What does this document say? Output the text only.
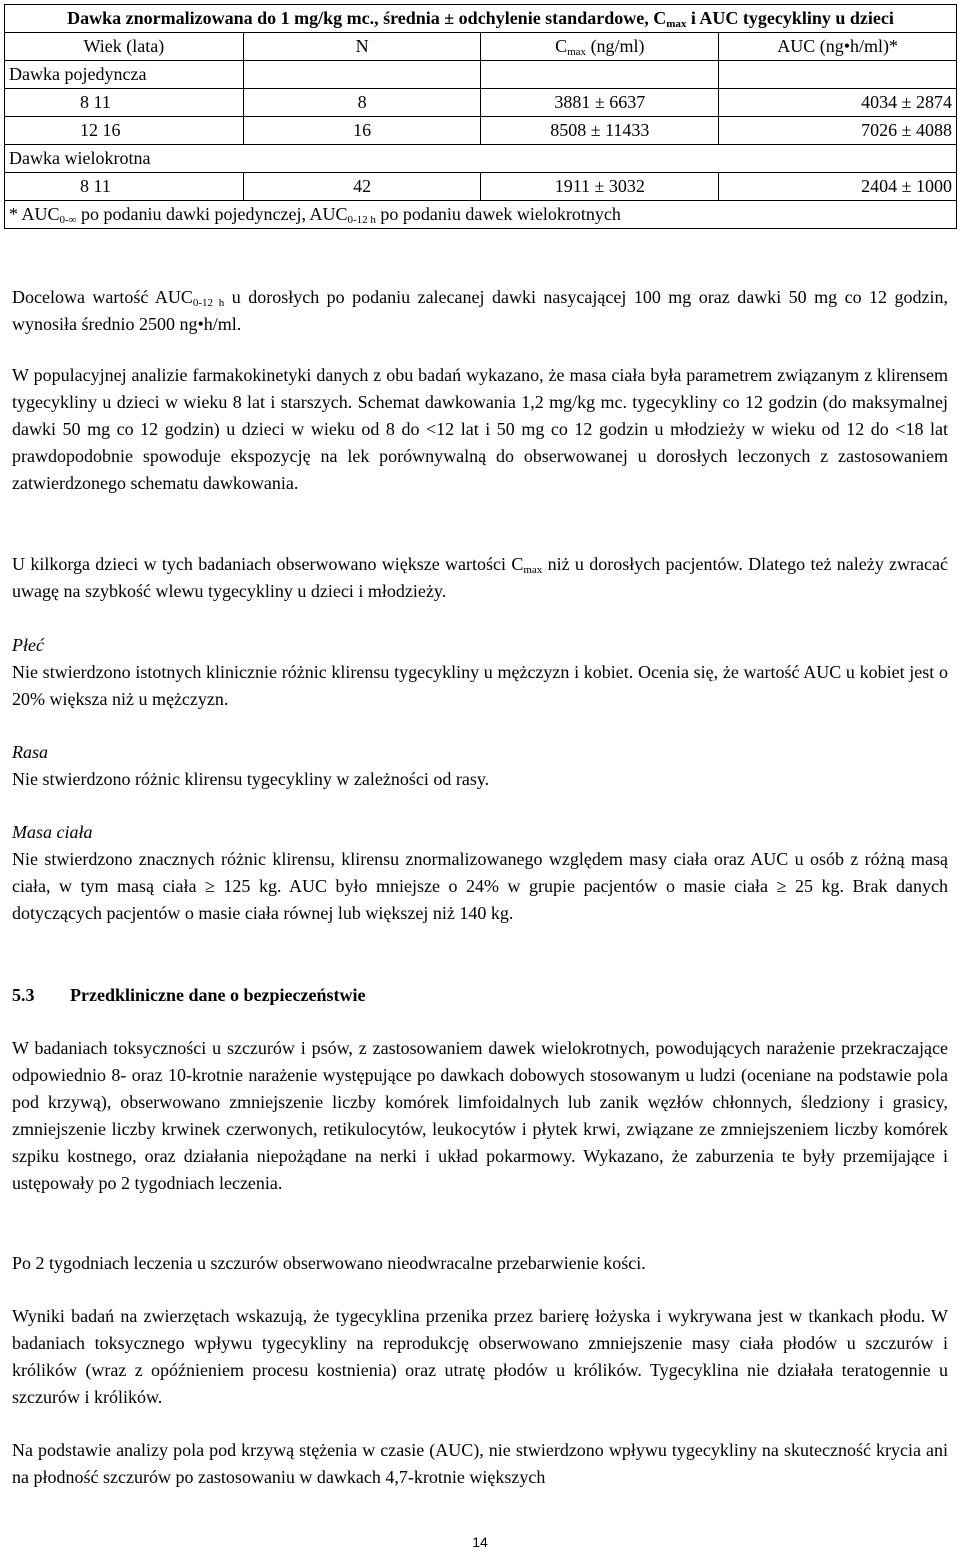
Dawka znormalizowana do 1 mg/kg mc., średnia ± odchylenie standardowe, $C_{max}$ i AUC tygecykliny u dzieci			
Wiek (lata)	N	$C_{max}$ (ng/ml)	AUC (ng•h/ml)*
Dawka pojedyncza			
8 11	8	3881 ± 6637	4034 ± 2874
12 16	16	8508 ± 11433	7026 ± 4088
Dawka wielokrotna			
8 11	42	1911 ± 3032	2404 ± 1000
* $AUC_{0-\infty}$ po podaniu dawki pojedynczej, $AUC_{0-12 h}$ po podaniu dawek wielokrotnych			

Docelowa wartość $AUC_{0-12 h}$ u dorosłych po podaniu zalecanej dawki nasycającej 100 mg oraz dawki 50 mg co 12 godzin, wynosiła średnio 2500 ng•h/ml.

W populacyjnej analizie farmakokinetyki danych z obu badań wykazano, że masa ciała była parametrem związanym z klirensem tygecykliny u dzieci w wieku 8 lat i starszych. Schemat dawkowania 1,2 mg/kg mc. tygecykliny co 12 godzin (do maksymalnej dawki 50 mg co 12 godzin) u dzieci w wieku od 8 do <12 lat i 50 mg co 12 godzin u młodzieży w wieku od 12 do <18 lat prawdopodobnie spowoduje ekspozycję na lek porównywalną do obserwowanej u dorosłych leczonych z zastosowaniem zatwierdzonego schematu dawkowania.

U kilkorga dzieci w tych badaniach obserwowano większe wartości $C_{max}$ niż u dorosłych pacjentów. Dlatego też należy zwracać uwagę na szybkość wlewu tygecykliny u dzieci i młodzieży.

Płeć

Nie stwierdzono istotnych klinicznie różnic klirensu tygecykliny u mężczyzn i kobiet. Ocenia się, że wartość AUC u kobiet jest o 20% większa niż u mężczyzn.

Rasa

Nie stwierdzono różnic klirensu tygecykliny w zależności od rasy.

Masa ciała

Nie stwierdzono znacznych różnic klirensu, klirensu znormalizowanego względem masy ciała oraz AUC u osób z różną masą ciała, w tym masą ciała ≥ 125 kg. AUC było mniejsze o 24% w grupie pacjentów o masie ciała ≥ 25 kg. Brak danych dotyczących pacjentów o masie ciała równej lub większej niż 140 kg.

5.3 Przedkliniczne dane o bezpieczeństwie

W badaniach toksyczności u szczurów i psów, z zastosowaniem dawek wielokrotnych, powodujących narażenie przekraczające odpowiednio 8- oraz 10-krotnie narażenie występujące po dawkach dobowych stosowanym u ludzi (oceniane na podstawie pola pod krzywą), obserwowano zmniejszenie liczby komórek limfoidalnych lub zanik węzłów chłonnych, śledziony i grasicy, zmniejszenie liczby krwinek czerwonych, retikulocytów, leukocytów i płytek krwi, związane ze zmniejszeniem liczby komórek szpiku kostnego, oraz działania niepożądane na nerki i układ pokarmowy. Wykazano, że zaburzenia te były przemijające i ustępowały po 2 tygodniach leczenia.

Po 2 tygodniach leczenia u szczurów obserwowano nieodwracalne przebarwienie kości.

Wyniki badań na zwierzętach wskazują, że tygecyklina przenika przez barierę łożyska i wykrywana jest w tkankach płodu. W badaniach toksycznego wpływu tygecykliny na reprodukcję obserwowano zmniejszenie masy ciała płodów u szczurów i królików (wraz z opóźnieniem procesu kostnienia) oraz utratę płodów u królików. Tygecyklina nie działała teratogennie u szczurów i królików.

Na podstawie analizy pola pod krzywą stężenia w czasie (AUC), nie stwierdzono wpływu tygecykliny na skuteczność krycia ani na płodność szczurów po zastosowaniu w dawkach 4,7-krotnie większych

14
